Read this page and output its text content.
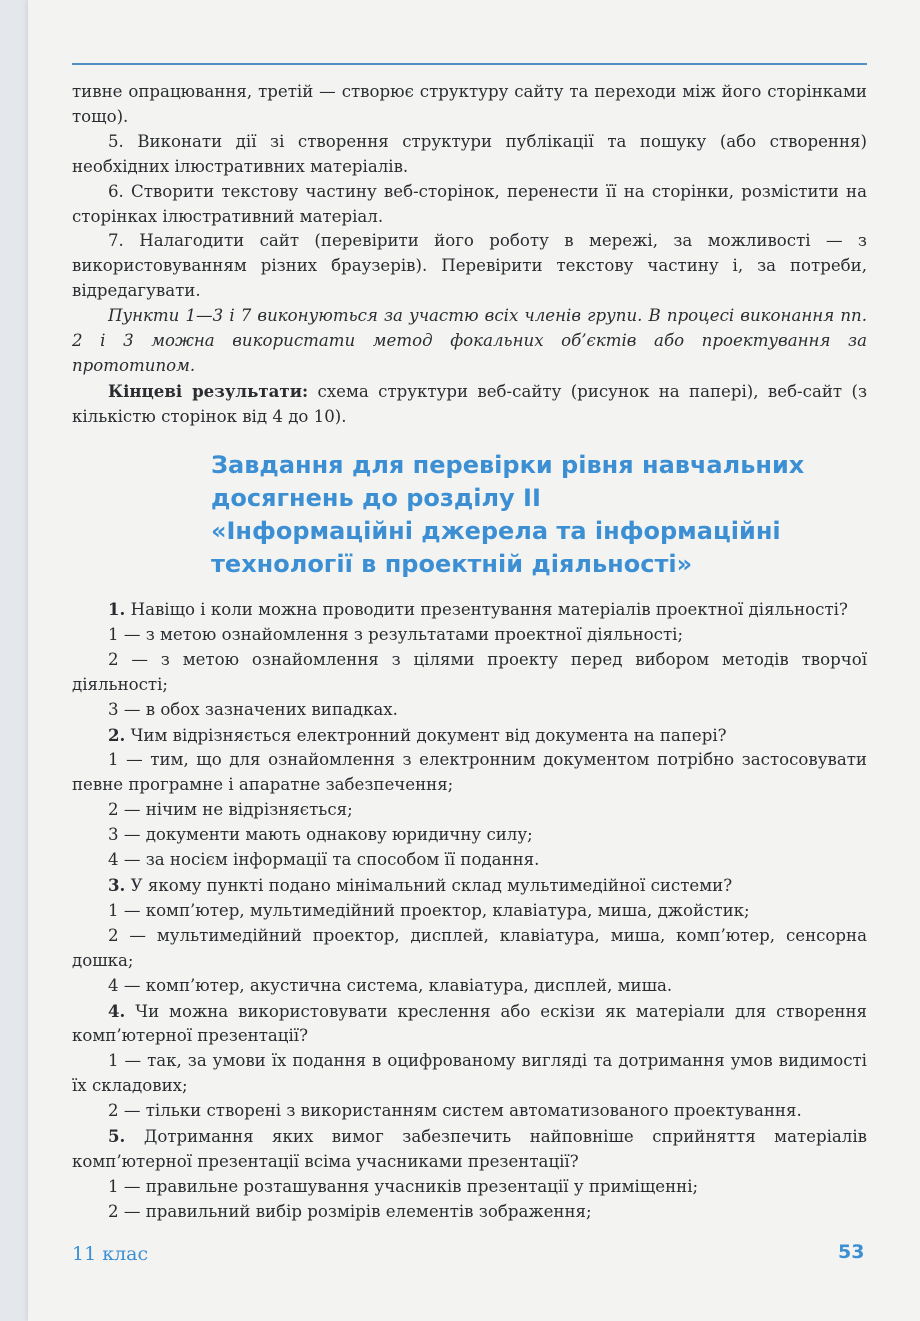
тивне опрацювання, третій — створює структуру сайту та переходи між його сторінками тощо).

5. Виконати дії зі створення структури публікації та пошуку (або створення) необхідних ілюстративних матеріалів.

6. Створити текстову частину веб-сторінок, перенести її на сторінки, розмістити на сторінках ілюстративний матеріал.

7. Налагодити сайт (перевірити його роботу в мережі, за можливості — з використовуванням різних браузерів). Перевірити текстову частину і, за потреби, відредагувати.

Пункти 1—3 і 7 виконуються за участю всіх членів групи. В процесі виконання пп. 2 і 3 можна використати метод фокальних об’єктів або проектування за прототипом.

Кінцеві результати: схема структури веб-сайту (рисунок на папері), веб-сайт (з кількістю сторінок від 4 до 10).

Завдання для перевірки рівня навчальних
досягнень до розділу II
«Інформаційні джерела та інформаційні
технології в проектній діяльності»

1. Навіщо і коли можна проводити презентування матеріалів проектної діяльності?

1 — з метою ознайомлення з результатами проектної діяльності;

2 — з метою ознайомлення з цілями проекту перед вибором методів творчої діяльності;

3 — в обох зазначених випадках.

2. Чим відрізняється електронний документ від документа на папері?

1 — тим, що для ознайомлення з електронним документом потрібно застосовувати певне програмне і апаратне забезпечення;

2 — нічим не відрізняється;

3 — документи мають однакову юридичну силу;

4 — за носієм інформації та способом її подання.

3. У якому пункті подано мінімальний склад мультимедійної системи?

1 — комп’ютер, мультимедійний проектор, клавіатура, миша, джойстик;

2 — мультимедійний проектор, дисплей, клавіатура, миша, комп’ютер, сенсорна дошка;

4 — комп’ютер, акустична система, клавіатура, дисплей, миша.

4. Чи можна використовувати креслення або ескізи як матеріали для створення комп’ютерної презентації?

1 — так, за умови їх подання в оцифрованому вигляді та дотримання умов видимості їх складових;

2 — тільки створені з використанням систем автоматизованого проектування.

5. Дотримання яких вимог забезпечить найповніше сприйняття матеріалів комп’ютерної презентації всіма учасниками презентації?

1 — правильне розташування учасників презентації у приміщенні;

2 — правильний вибір розмірів елементів зображення;

11 клас	53
